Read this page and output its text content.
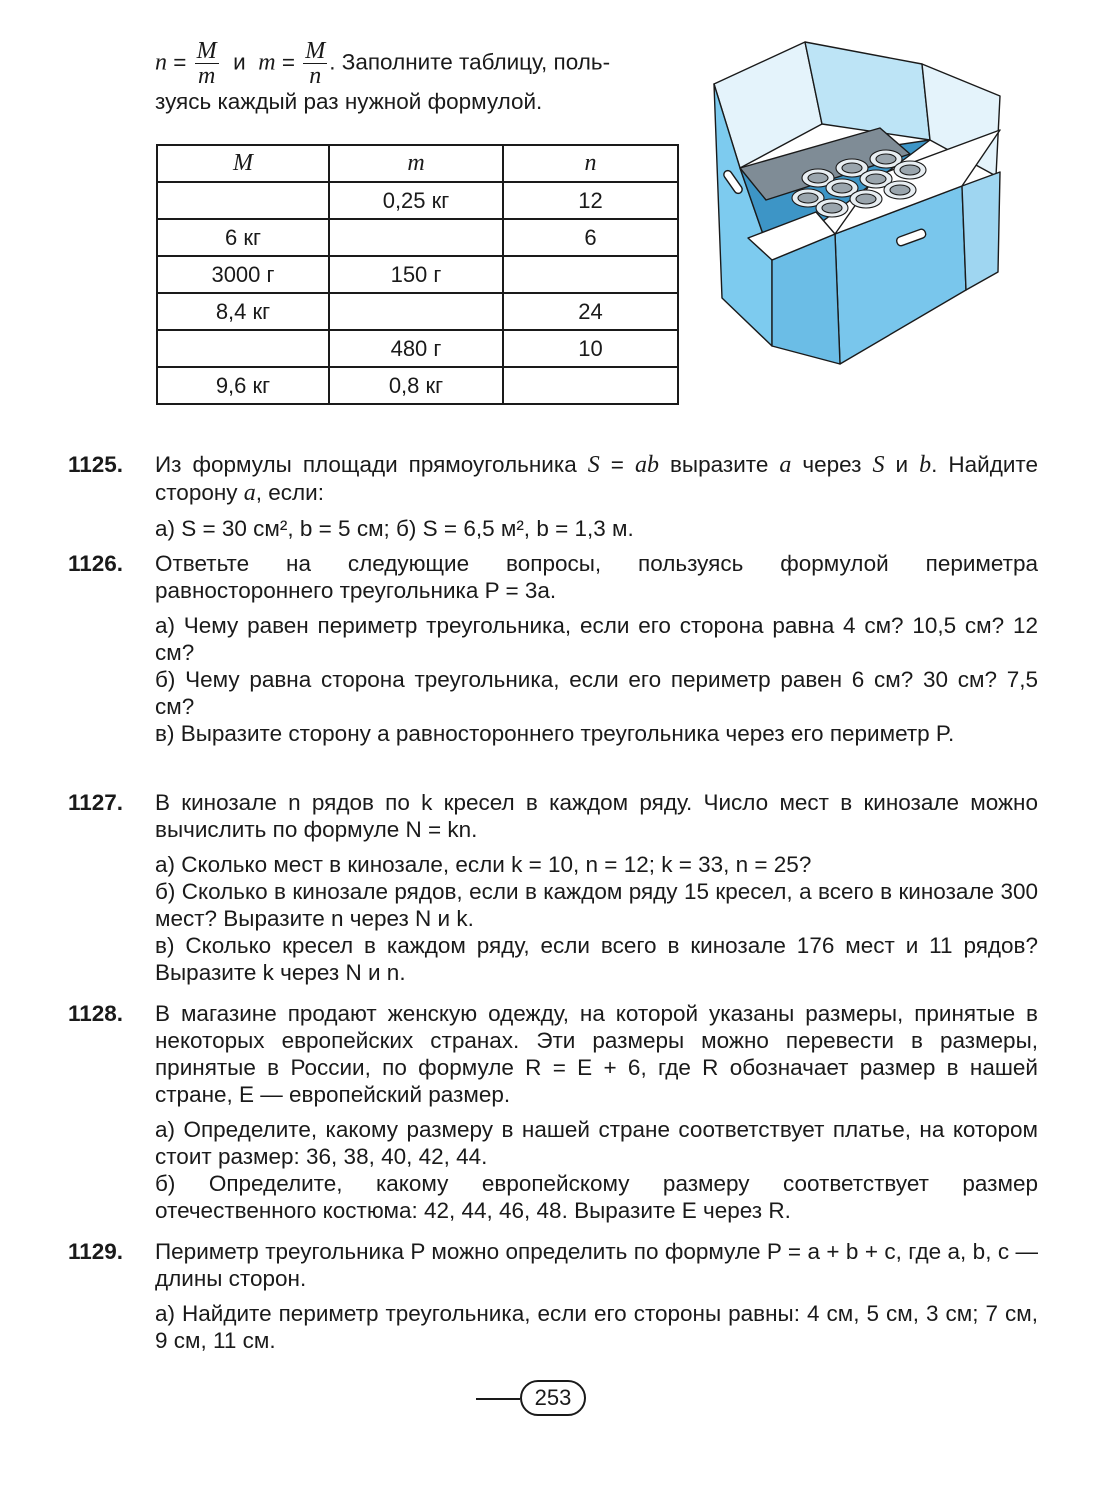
$n = \frac{M}{m}$ и $m = \frac{M}{n}$ . Заполните таблицу, поль-
зуясь каждый раз нужной формулой.
M	m	n
	0,25 кг	12
6 кг		6
3000 г	150 г	
8,4 кг		24
	480 г	10
9,6 кг	0,8 кг	
1125. Из формулы площади прямоугольника S = ab выразите a через S и b. Найдите сторону a, если:

а) S = 30 см², b = 5 см; б) S = 6,5 м², b = 1,3 м.

1126. Ответьте на следующие вопросы, пользуясь формулой периметра равностороннего треугольника P = 3a.

а) Чему равен периметр треугольника, если его сторона равна 4 см? 10,5 см? 12 см?

б) Чему равна сторона треугольника, если его периметр равен 6 см? 30 см? 7,5 см?

в) Выразите сторону a равностороннего треугольника через его периметр P.

1127. В кинозале n рядов по k кресел в каждом ряду. Число мест в кинозале можно вычислить по формуле N = kn.

а) Сколько мест в кинозале, если k = 10, n = 12; k = 33, n = 25?

б) Сколько в кинозале рядов, если в каждом ряду 15 кресел, а всего в кинозале 300 мест? Выразите n через N и k.

в) Сколько кресел в каждом ряду, если всего в кинозале 176 мест и 11 рядов? Выразите k через N и n.

1128. В магазине продают женскую одежду, на которой указаны размеры, принятые в некоторых европейских странах. Эти размеры можно перевести в размеры, принятые в России, по формуле R = E + 6, где R обозначает размер в нашей стране, E — европейский размер.

а) Определите, какому размеру в нашей стране соответствует платье, на котором стоит размер: 36, 38, 40, 42, 44.

б) Определите, какому европейскому размеру соответствует размер отечественного костюма: 42, 44, 46, 48. Выразите E через R.

1129. Периметр треугольника P можно определить по формуле P = a + b + c, где a, b, c — длины сторон.

а) Найдите периметр треугольника, если его стороны равны: 4 см, 5 см, 3 см; 7 см, 9 см, 11 см.

253
